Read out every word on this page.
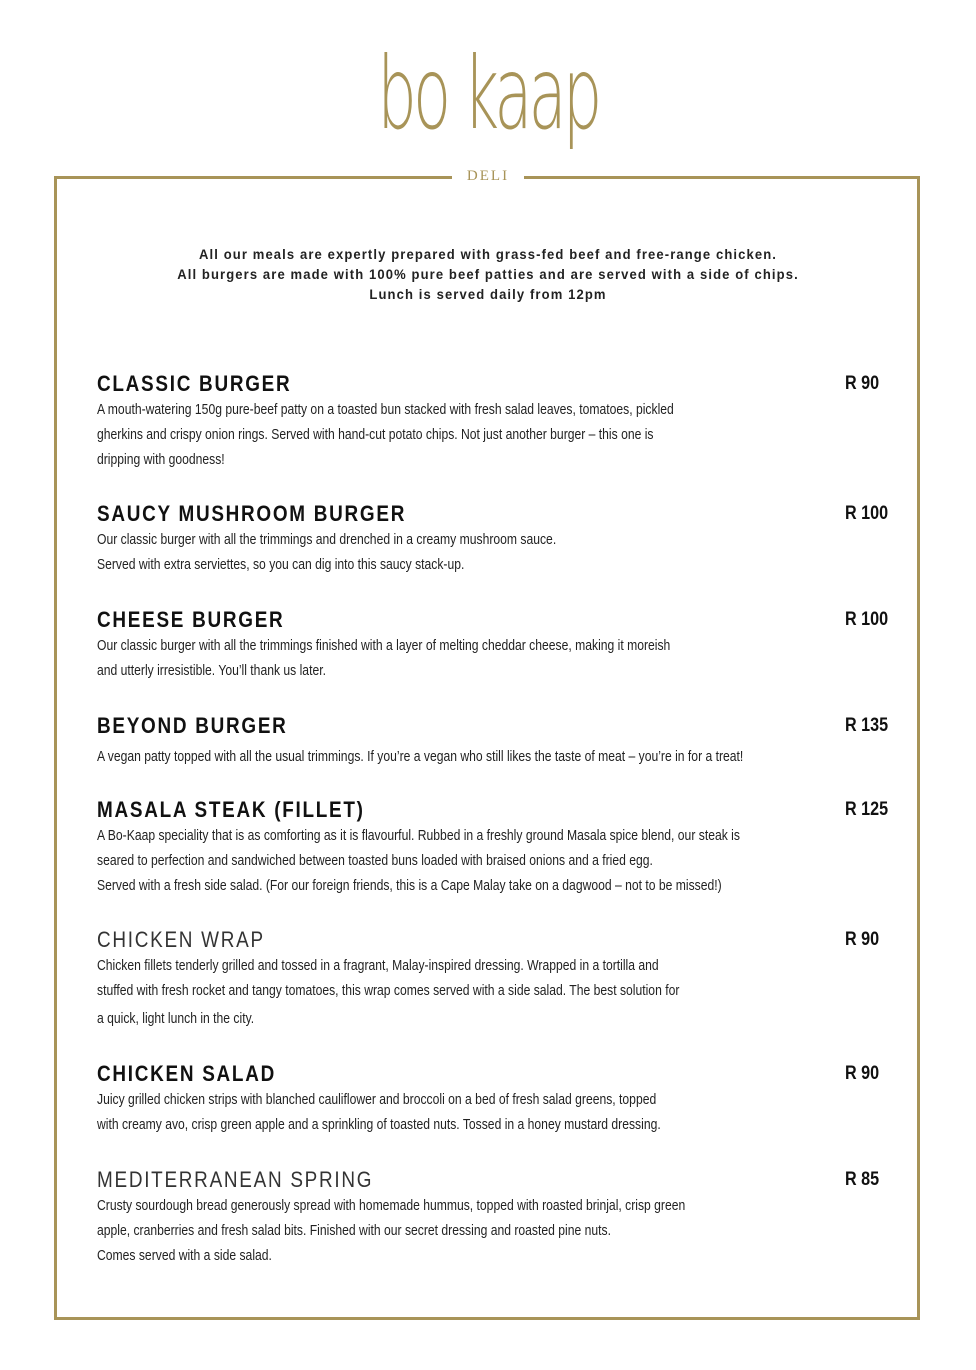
bo kaap
DELI
All our meals are expertly prepared with grass-fed beef and free-range chicken.
All burgers are made with 100% pure beef patties and are served with a side of chips.
Lunch is served daily from 12pm
CLASSIC BURGER	R 90
A mouth-watering 150g pure-beef patty on a toasted bun stacked with fresh salad leaves, tomatoes, pickled
gherkins and crispy onion rings. Served with hand-cut potato chips. Not just another burger – this one is
dripping with goodness!
SAUCY MUSHROOM BURGER	R 100
Our classic burger with all the trimmings and drenched in a creamy mushroom sauce.
Served with extra serviettes, so you can dig into this saucy stack-up.
CHEESE BURGER	R 100
Our classic burger with all the trimmings finished with a layer of melting cheddar cheese, making it moreish
and utterly irresistible. You’ll thank us later.
BEYOND BURGER	R 135
A vegan patty topped with all the usual trimmings. If you’re a vegan who still likes the taste of meat – you’re in for a treat!
MASALA STEAK (FILLET)	R 125
A Bo-Kaap speciality that is as comforting as it is flavourful. Rubbed in a freshly ground Masala spice blend, our steak is
seared to perfection and sandwiched between toasted buns loaded with braised onions and a fried egg.
Served with a fresh side salad. (For our foreign friends, this is a Cape Malay take on a dagwood – not to be missed!)
CHICKEN WRAP	R 90
Chicken fillets tenderly grilled and tossed in a fragrant, Malay-inspired dressing. Wrapped in a tortilla and
stuffed with fresh rocket and tangy tomatoes, this wrap comes served with a side salad. The best solution for
a quick, light lunch in the city.
CHICKEN SALAD	R 90
Juicy grilled chicken strips with blanched cauliflower and broccoli on a bed of fresh salad greens, topped
with creamy avo, crisp green apple and a sprinkling of toasted nuts. Tossed in a honey mustard dressing.
MEDITERRANEAN SPRING	R 85
Crusty sourdough bread generously spread with homemade hummus, topped with roasted brinjal, crisp green
apple, cranberries and fresh salad bits. Finished with our secret dressing and roasted pine nuts.
Comes served with a side salad.
